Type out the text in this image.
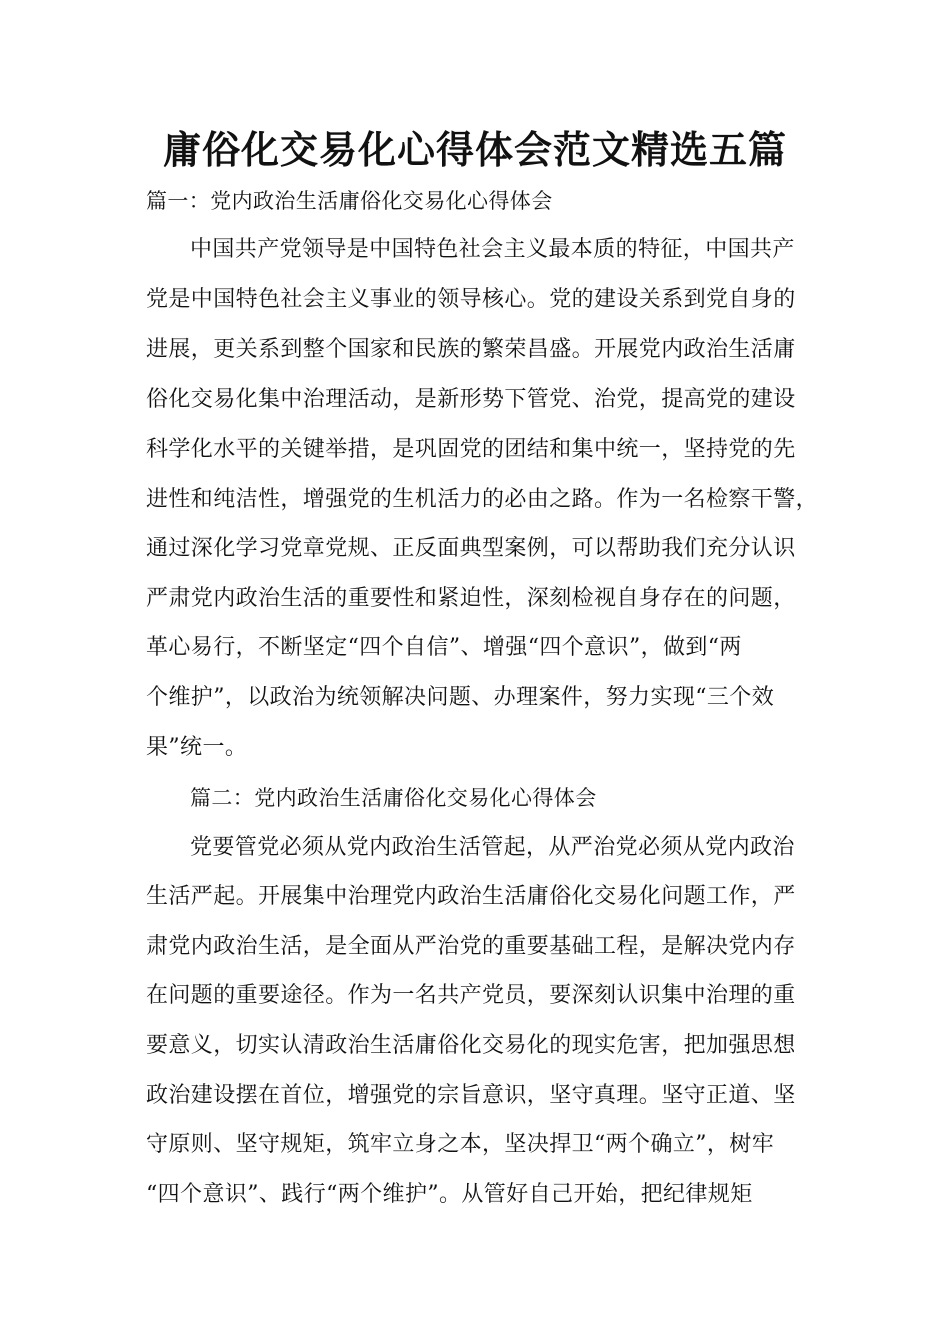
庸俗化交易化心得体会范文精选五篇
篇一：党内政治生活庸俗化交易化心得体会
中国共产党领导是中国特色社会主义最本质的特征，中国共产
党是中国特色社会主义事业的领导核心。党的建设关系到党自身的
进展，更关系到整个国家和民族的繁荣昌盛。开展党内政治生活庸
俗化交易化集中治理活动，是新形势下管党、治党，提高党的建设
科学化水平的关键举措，是巩固党的团结和集中统一，坚持党的先
进性和纯洁性，增强党的生机活力的必由之路。作为一名检察干警，
通过深化学习党章党规、正反面典型案例，可以帮助我们充分认识
严肃党内政治生活的重要性和紧迫性，深刻检视自身存在的问题，
革心易行，不断坚定“四个自信”、增强“四个意识”，做到“两
个维护”，以政治为统领解决问题、办理案件，努力实现“三个效
果”统一。
篇二：党内政治生活庸俗化交易化心得体会
党要管党必须从党内政治生活管起，从严治党必须从党内政治
生活严起。开展集中治理党内政治生活庸俗化交易化问题工作，严
肃党内政治生活，是全面从严治党的重要基础工程，是解决党内存
在问题的重要途径。作为一名共产党员，要深刻认识集中治理的重
要意义，切实认清政治生活庸俗化交易化的现实危害，把加强思想
政治建设摆在首位，增强党的宗旨意识，坚守真理。坚守正道、坚
守原则、坚守规矩，筑牢立身之本，坚决捍卫“两个确立”，树牢
“四个意识”、践行“两个维护”。从管好自己开始，把纪律规矩
